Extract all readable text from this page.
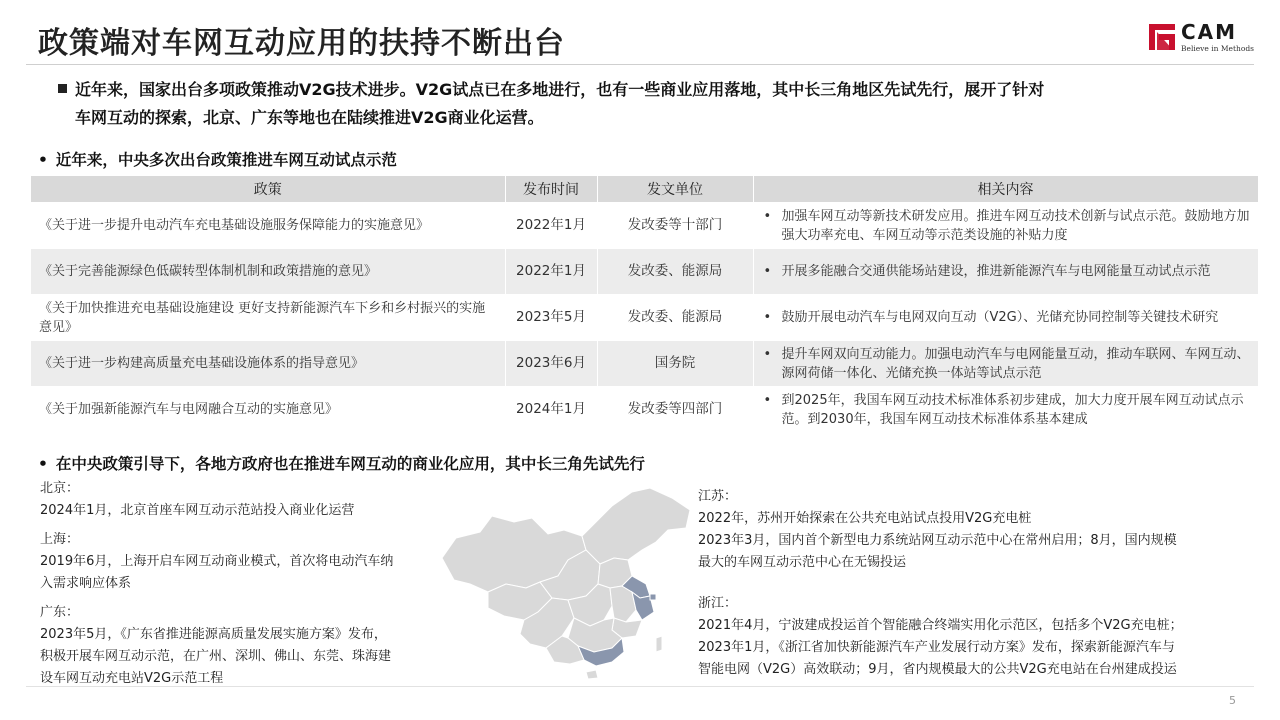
政策端对车网互动应用的扶持不断出台	CAM
Believe in Methods
近年来，国家出台多项政策推动V2G技术进步。V2G试点已在多地进行，也有一些商业应用落地，其中长三角地区先试先行，展开了针对
车网互动的探索，北京、广东等地也在陆续推进V2G商业化运营。
• 近年来，中央多次出台政策推进车网互动试点示范
政策	发布时间	发文单位	相关内容
《关于进一步提升电动汽车充电基础设施服务保障能力的实施意见》	2022年1月	发改委等十部门	• 加强车网互动等新技术研发应用。推进车网互动技术创新与试点示范。鼓励地方加强大功率充电、车网互动等示范类设施的补贴力度

《关于完善能源绿色低碳转型体制机制和政策措施的意见》	2022年1月	发改委、能源局	• 开展多能融合交通供能场站建设，推进新能源汽车与电网能量互动试点示范

《关于加快推进充电基础设施建设 更好支持新能源汽车下乡和乡村振兴的实施意见》	2023年5月	发改委、能源局	• 鼓励开展电动汽车与电网双向互动（V2G）、光储充协同控制等关键技术研究

《关于进一步构建高质量充电基础设施体系的指导意见》	2023年6月	国务院	• 提升车网双向互动能力。加强电动汽车与电网能量互动，推动车联网、车网互动、源网荷储一体化、光储充换一体站等试点示范

《关于加强新能源汽车与电网融合互动的实施意见》	2024年1月	发改委等四部门	• 到2025年，我国车网互动技术标准体系初步建成，加大力度开展车网互动试点示范。到2030年，我国车网互动技术标准体系基本建成
• 在中央政策引导下，各地方政府也在推进车网互动的商业化应用，其中长三角先试先行
北京：
2024年1月，北京首座车网互动示范站投入商业化运营
上海：
2019年6月，上海开启车网互动商业模式，首次将电动汽车纳
入需求响应体系
广东：
2023年5月，《广东省推进能源高质量发展实施方案》发布，
积极开展车网互动示范，在广州、深圳、佛山、东莞、珠海建
设车网互动充电站V2G示范工程
江苏：
2022年，苏州开始探索在公共充电站试点投用V2G充电桩
2023年3月，国内首个新型电力系统站网互动示范中心在常州启用；8月，国内规模
最大的车网互动示范中心在无锡投运
浙江：
2021年4月，宁波建成投运首个智能融合终端实用化示范区，包括多个V2G充电桩；
2023年1月，《浙江省加快新能源汽车产业发展行动方案》发布，探索新能源汽车与
智能电网（V2G）高效联动；9月，省内规模最大的公共V2G充电站在台州建成投运
5
